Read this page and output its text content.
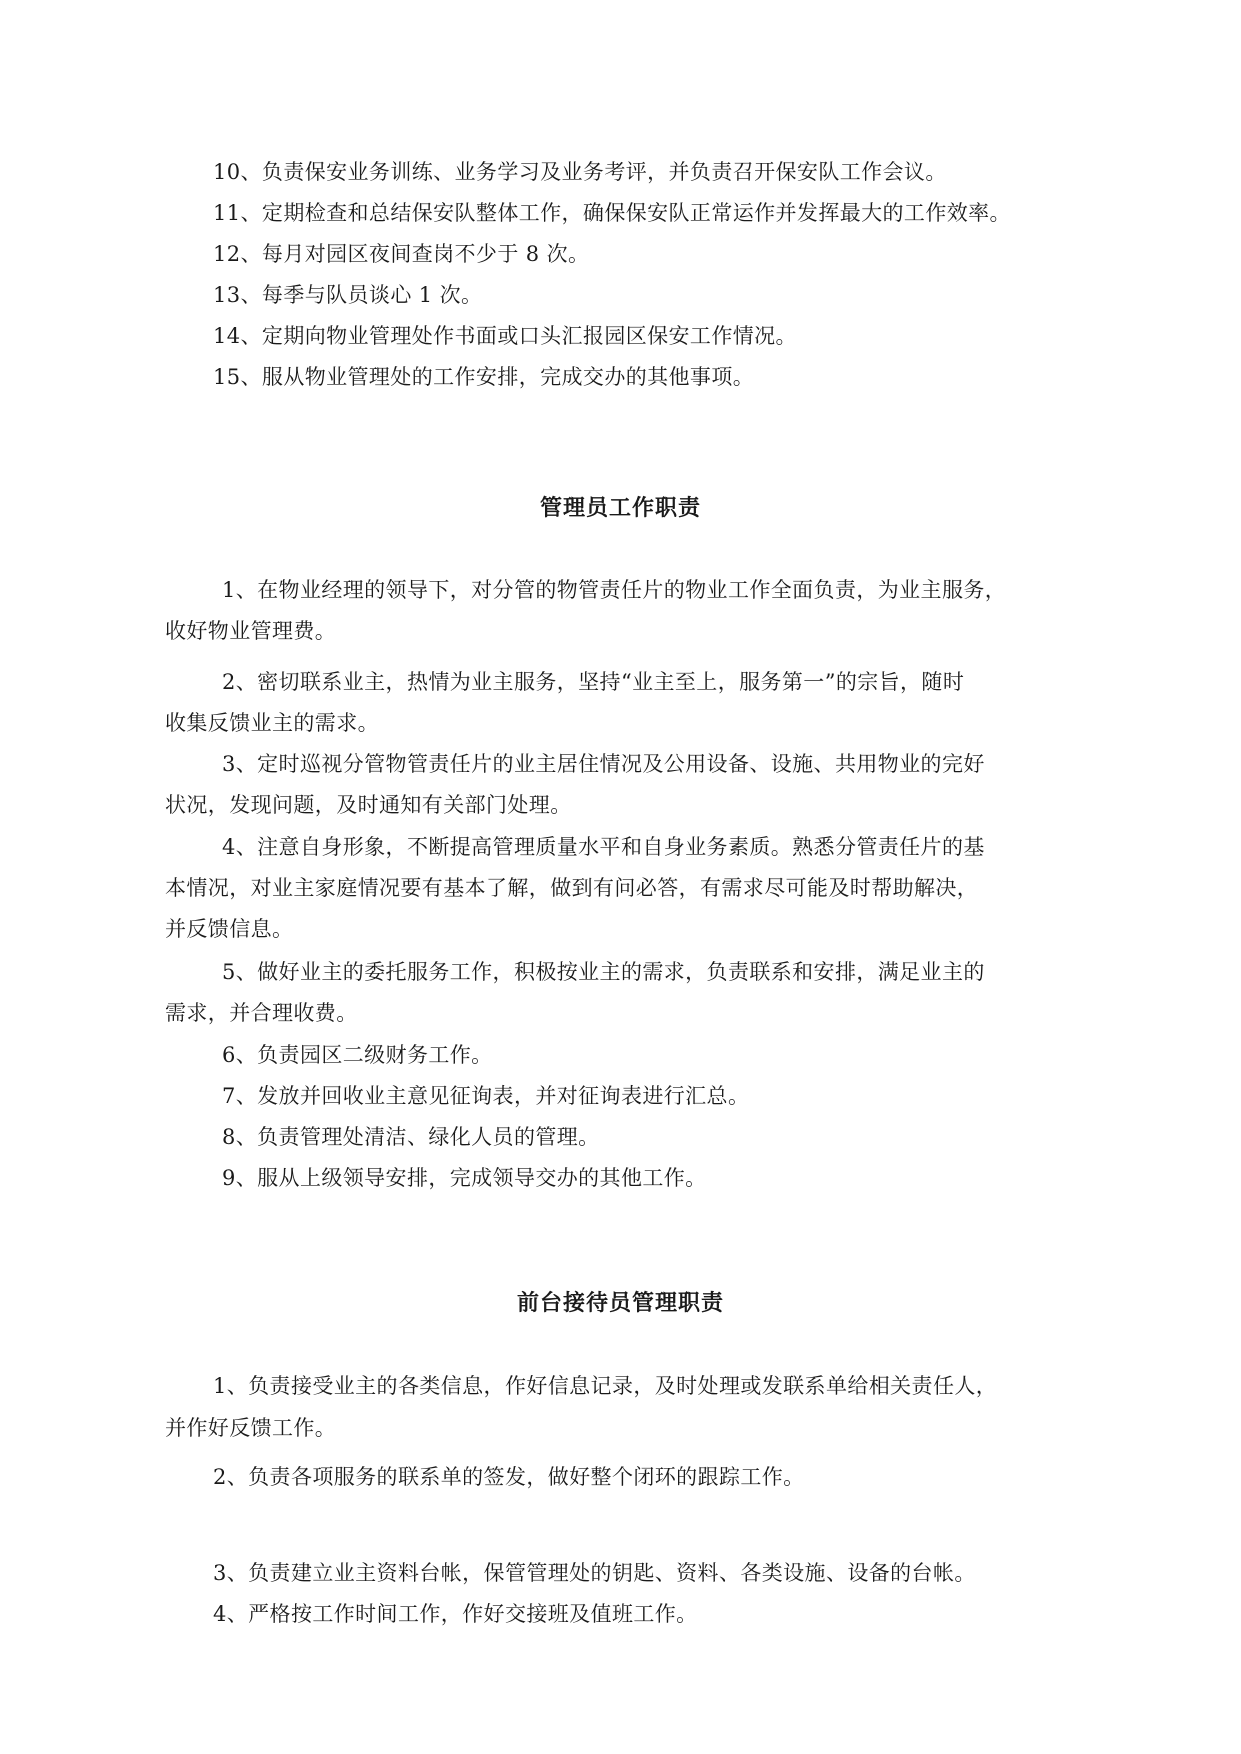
10、负责保安业务训练、业务学习及业务考评，并负责召开保安队工作会议。
11、定期检查和总结保安队整体工作，确保保安队正常运作并发挥最大的工作效率。
12、每月对园区夜间查岗不少于 8 次。
13、每季与队员谈心 1 次。
14、定期向物业管理处作书面或口头汇报园区保安工作情况。
15、服从物业管理处的工作安排，完成交办的其他事项。
管理员工作职责
1、在物业经理的领导下，对分管的物管责任片的物业工作全面负责，为业主服务，
收好物业管理费。
2、密切联系业主，热情为业主服务，坚持“业主至上，服务第一”的宗旨，随时
收集反馈业主的需求。
3、定时巡视分管物管责任片的业主居住情况及公用设备、设施、共用物业的完好
状况，发现问题，及时通知有关部门处理。
4、注意自身形象，不断提高管理质量水平和自身业务素质。熟悉分管责任片的基
本情况，对业主家庭情况要有基本了解，做到有问必答，有需求尽可能及时帮助解决，
并反馈信息。
5、做好业主的委托服务工作，积极按业主的需求，负责联系和安排，满足业主的
需求，并合理收费。
6、负责园区二级财务工作。
7、发放并回收业主意见征询表，并对征询表进行汇总。
8、负责管理处清洁、绿化人员的管理。
9、服从上级领导安排，完成领导交办的其他工作。
前台接待员管理职责
1、负责接受业主的各类信息，作好信息记录，及时处理或发联系单给相关责任人，
并作好反馈工作。
2、负责各项服务的联系单的签发，做好整个闭环的跟踪工作。
3、负责建立业主资料台帐，保管管理处的钥匙、资料、各类设施、设备的台帐。
4、严格按工作时间工作，作好交接班及值班工作。
